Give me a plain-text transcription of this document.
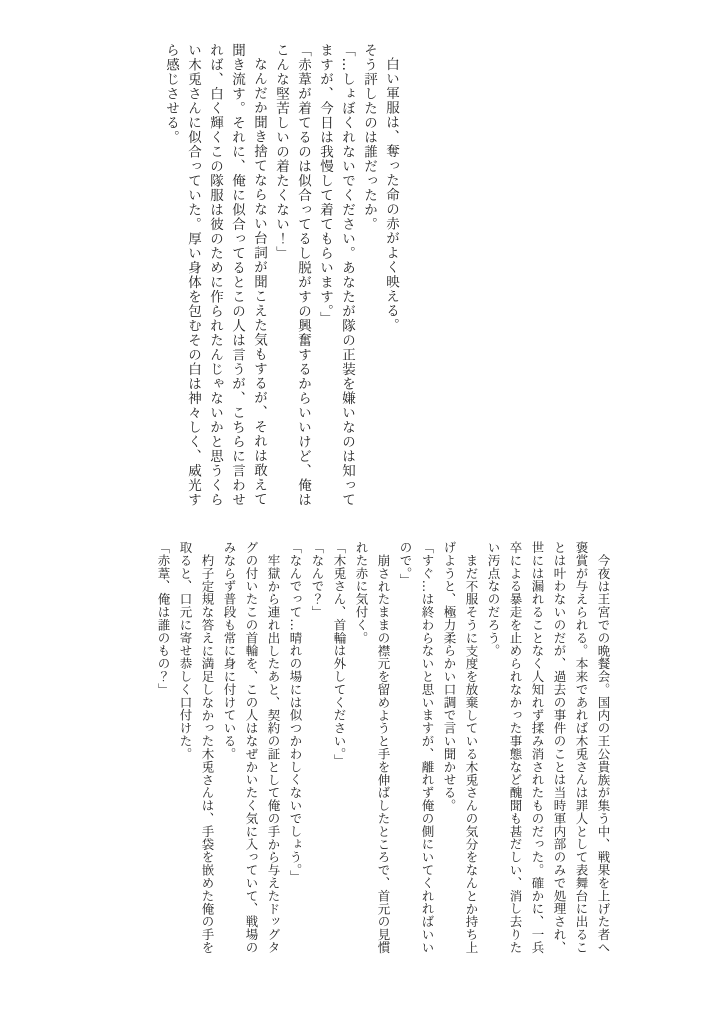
白い軍服は、奪った命の赤がよく映える。

そう評したのは誰だったか。

「…しょぼくれないでください。あなたが隊の正装を嫌いなのは知ってますが、今日は我慢して着てもらいます。」

「赤葦が着てるのは似合ってるし脱がすの興奮するからいいけど、俺はこんな堅苦しいの着たくない！」

なんだか聞き捨てならない台詞が聞こえた気もするが、それは敢えて聞き流す。それに、俺に似合ってるとこの人は言うが、こちらに言わせれば、白く輝くこの隊服は彼のために作られたんじゃないかと思うくらい木兎さんに似合っていた。厚い身体を包むその白は神々しく、威光すら感じさせる。

今夜は王宮での晩餐会。国内の王公貴族が集う中、戦果を上げた者へ褒賞が与えられる。本来であれば木兎さんは罪人として表舞台に出ることは叶わないのだが、過去の事件のことは当時軍内部のみで処理され、世には漏れることなく人知れず揉み消されたものだった。確かに、一兵卒による暴走を止められなかった事態など醜聞も甚だしい、消し去りたい汚点なのだろう。

まだ不服そうに支度を放棄している木兎さんの気分をなんとか持ち上げようと、極力柔らかい口調で言い聞かせる。

「すぐ…は終わらないと思いますが、離れず俺の側にいてくれればいいので。」

崩されたままの襟元を留めようと手を伸ばしたところで、首元の見慣れた赤に気付く。

「木兎さん、首輪は外してください。」

「なんで？」

「なんでって…晴れの場には似つかわしくないでしょう。」

牢獄から連れ出したあと、契約の証として俺の手から与えたドッグタグの付いたこの首輪を、この人はなぜかいたく気に入っていて、戦場のみならず普段も常に身に付けている。

杓子定規な答えに満足しなかった木兎さんは、手袋を嵌めた俺の手を取ると、口元に寄せ恭しく口付けた。

「赤葦、俺は誰のもの？」
